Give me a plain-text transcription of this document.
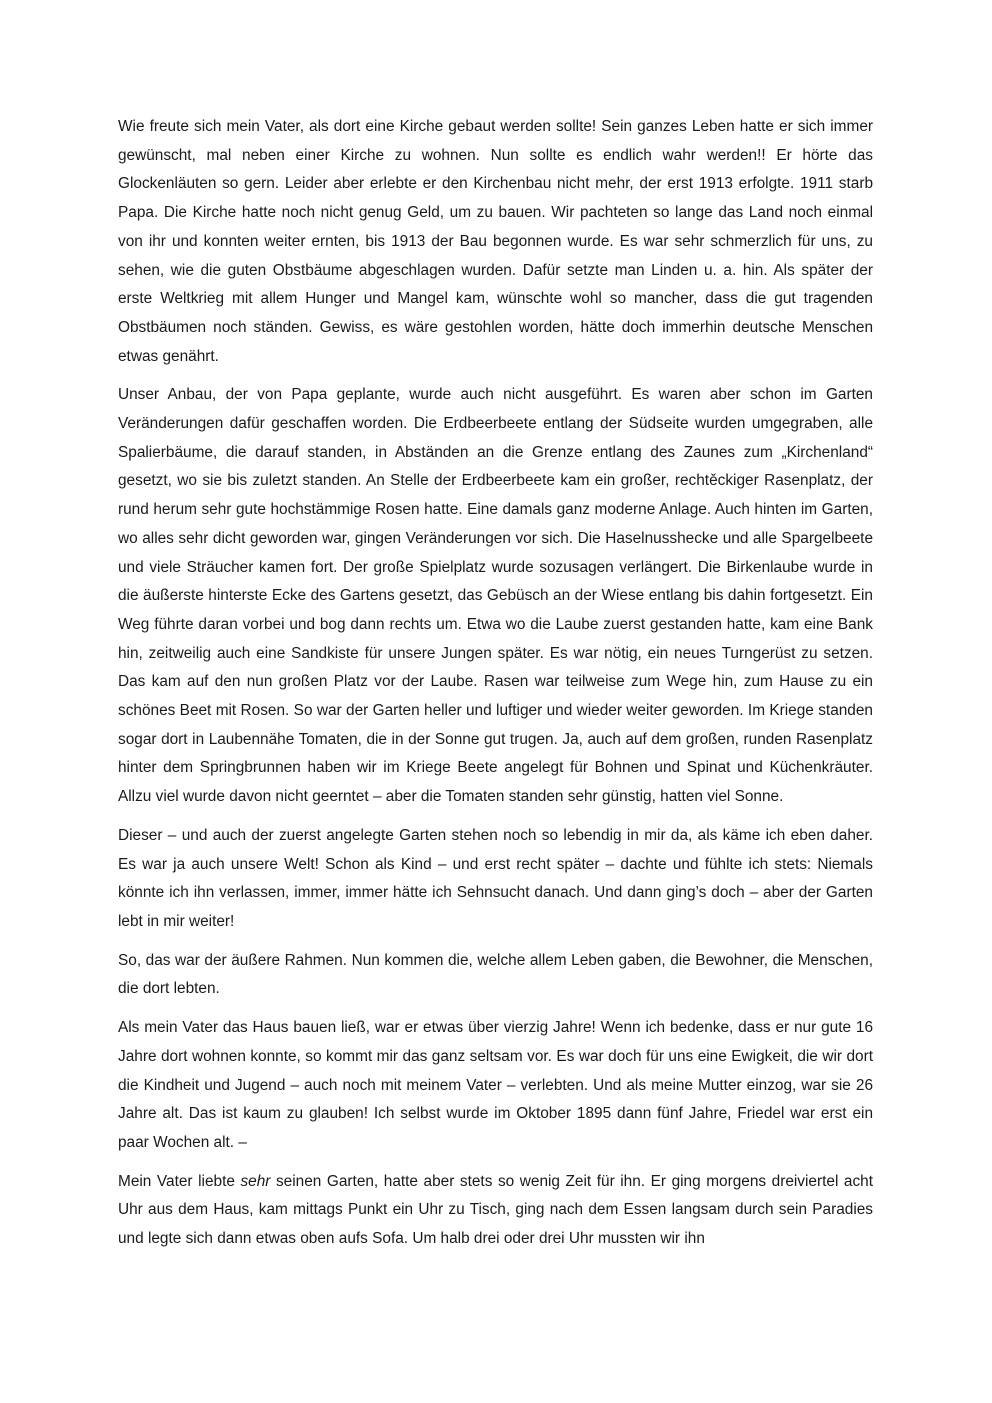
Wie freute sich mein Vater, als dort eine Kirche gebaut werden sollte! Sein ganzes Leben hatte er sich immer gewünscht, mal neben einer Kirche zu wohnen. Nun sollte es endlich wahr werden!! Er hörte das Glockenläuten so gern. Leider aber erlebte er den Kirchenbau nicht mehr, der erst 1913 erfolgte. 1911 starb Papa. Die Kirche hatte noch nicht genug Geld, um zu bauen. Wir pachteten so lange das Land noch einmal von ihr und konnten weiter ernten, bis 1913 der Bau begonnen wurde. Es war sehr schmerzlich für uns, zu sehen, wie die guten Obstbäume abgeschlagen wurden. Dafür setzte man Linden u. a. hin. Als später der erste Weltkrieg mit allem Hunger und Mangel kam, wünschte wohl so mancher, dass die gut tragenden Obstbäumen noch ständen. Gewiss, es wäre gestohlen worden, hätte doch immerhin deutsche Menschen etwas genährt.

Unser Anbau, der von Papa geplante, wurde auch nicht ausgeführt. Es waren aber schon im Garten Veränderungen dafür geschaffen worden. Die Erdbeerbeete entlang der Südseite wurden umgegraben, alle Spalierbäume, die darauf standen, in Abständen an die Grenze entlang des Zaunes zum „Kirchenland“ gesetzt, wo sie bis zuletzt standen. An Stelle der Erdbeerbeete kam ein großer, rechtěckiger Rasenplatz, der rund herum sehr gute hochstämmige Rosen hatte. Eine damals ganz moderne Anlage. Auch hinten im Garten, wo alles sehr dicht geworden war, gingen Veränderungen vor sich. Die Haselnusshecke und alle Spargelbeete und viele Sträucher kamen fort. Der große Spielplatz wurde sozusagen verlängert. Die Birkenlaube wurde in die äußerste hinterste Ecke des Gartens gesetzt, das Gebüsch an der Wiese entlang bis dahin fortgesetzt. Ein Weg führte daran vorbei und bog dann rechts um. Etwa wo die Laube zuerst gestanden hatte, kam eine Bank hin, zeitweilig auch eine Sandkiste für unsere Jungen später. Es war nötig, ein neues Turngerüst zu setzen. Das kam auf den nun großen Platz vor der Laube. Rasen war teilweise zum Wege hin, zum Hause zu ein schönes Beet mit Rosen. So war der Garten heller und luftiger und wieder weiter geworden. Im Kriege standen sogar dort in Laubennähe Tomaten, die in der Sonne gut trugen. Ja, auch auf dem großen, runden Rasenplatz hinter dem Springbrunnen haben wir im Kriege Beete angelegt für Bohnen und Spinat und Küchenkräuter. Allzu viel wurde davon nicht geerntet – aber die Tomaten standen sehr günstig, hatten viel Sonne.

Dieser – und auch der zuerst angelegte Garten stehen noch so lebendig in mir da, als käme ich eben daher. Es war ja auch unsere Welt! Schon als Kind – und erst recht später – dachte und fühlte ich stets: Niemals könnte ich ihn verlassen, immer, immer hätte ich Sehnsucht danach. Und dann ging’s doch – aber der Garten lebt in mir weiter!

So, das war der äußere Rahmen. Nun kommen die, welche allem Leben gaben, die Bewohner, die Menschen, die dort lebten.

Als mein Vater das Haus bauen ließ, war er etwas über vierzig Jahre! Wenn ich bedenke, dass er nur gute 16 Jahre dort wohnen konnte, so kommt mir das ganz seltsam vor. Es war doch für uns eine Ewigkeit, die wir dort die Kindheit und Jugend – auch noch mit meinem Vater – verlebten. Und als meine Mutter einzog, war sie 26 Jahre alt. Das ist kaum zu glauben! Ich selbst wurde im Oktober 1895 dann fünf Jahre, Friedel war erst ein paar Wochen alt. –

Mein Vater liebte sehr seinen Garten, hatte aber stets so wenig Zeit für ihn. Er ging morgens dreiviertel acht Uhr aus dem Haus, kam mittags Punkt ein Uhr zu Tisch, ging nach dem Essen langsam durch sein Paradies und legte sich dann etwas oben aufs Sofa. Um halb drei oder drei Uhr mussten wir ihn
